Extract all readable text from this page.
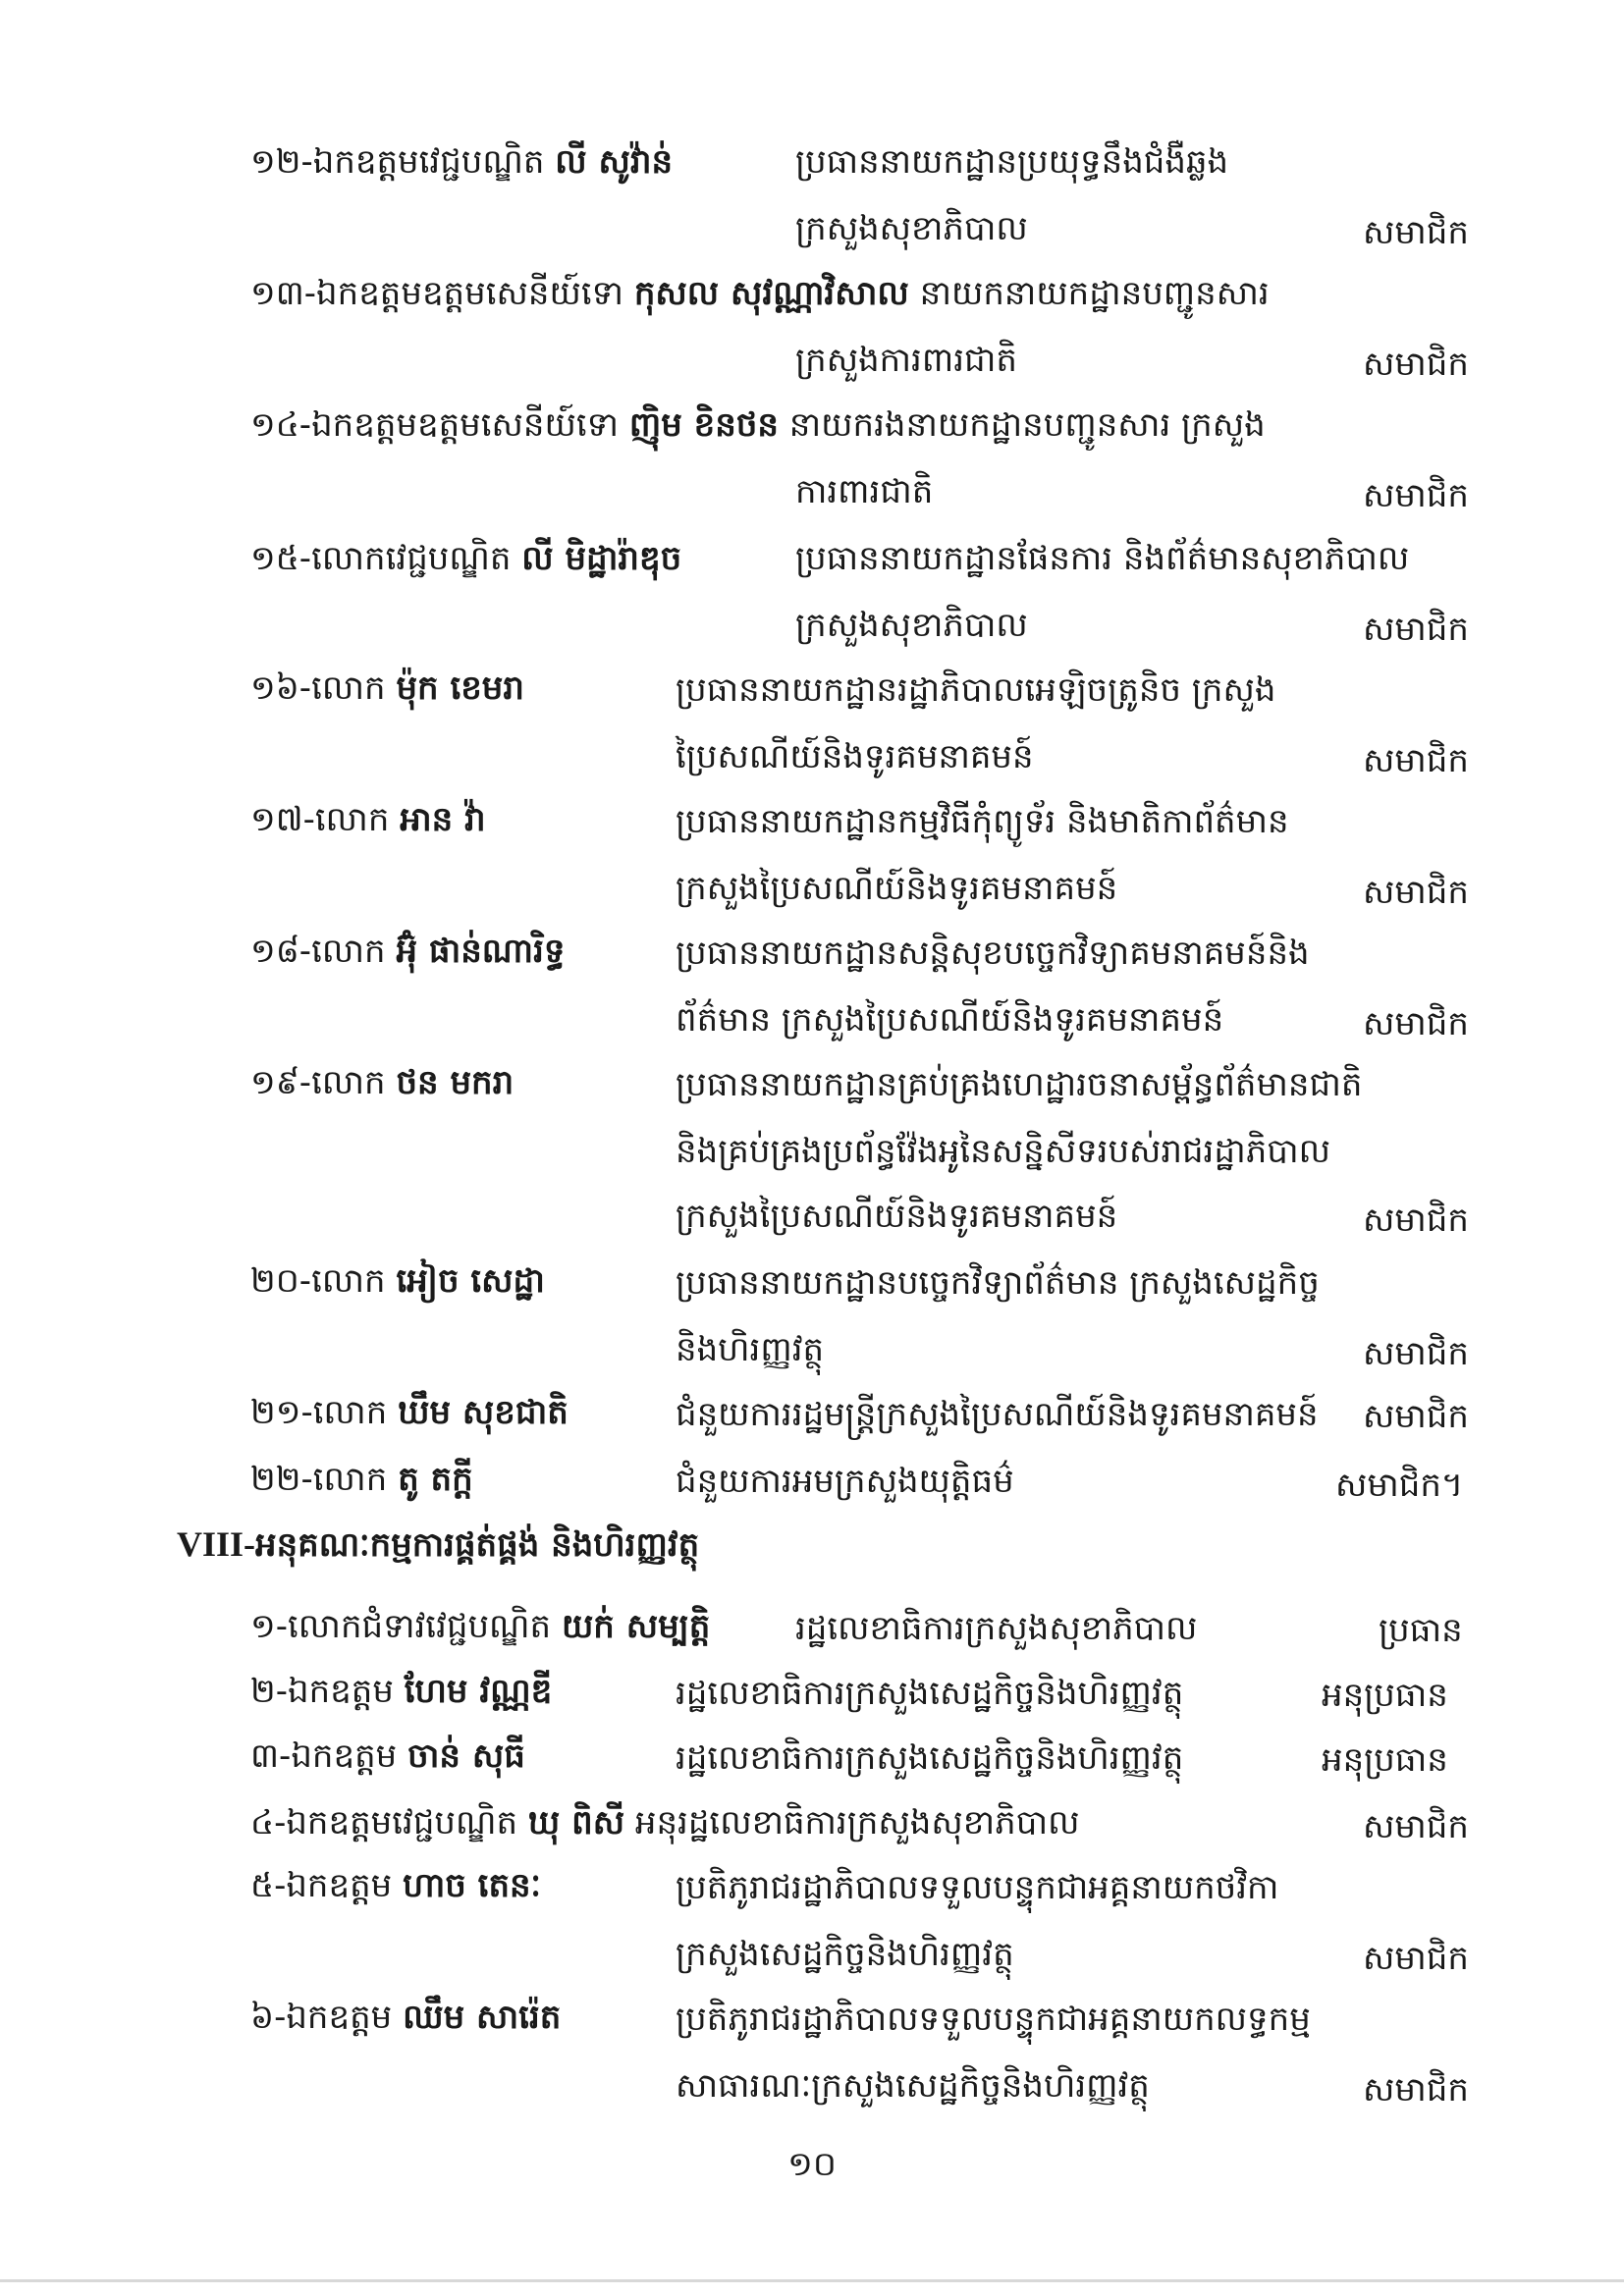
១២-ឯកឧត្តមវេជ្ជបណ្ឌិត លី សូវ៉ាន់	ប្រធាននាយកដ្ឋានប្រយុទ្ធនឹងជំងឺឆ្លង
ក្រសួងសុខាភិបាល	សមាជិក
១៣-ឯកឧត្តមឧត្តមសេនីយ៍ទោ កុសល សុវណ្ណាវិសាល នាយកនាយកដ្ឋានបញ្ជូនសារ
ក្រសួងការពារជាតិ	សមាជិក
១៤-ឯកឧត្តមឧត្តមសេនីយ៍ទោ ញ៉ិម ខិនថន នាយករងនាយកដ្ឋានបញ្ជូនសារ ក្រសួង
ការពារជាតិ	សមាជិក
១៥-លោកវេជ្ជបណ្ឌិត លី មិដ្ឋារ៉ាឌុច	ប្រធាននាយកដ្ឋានផែនការ និងព័ត៌មានសុខាភិបាល
ក្រសួងសុខាភិបាល	សមាជិក
១៦-លោក ម៉ុក ខេមរា	ប្រធាននាយកដ្ឋានរដ្ឋាភិបាលអេឡិចត្រូនិច ក្រសួង
ប្រៃសណីយ៍និងទូរគមនាគមន៍	សមាជិក
១៧-លោក អាន វ៉ា	ប្រធាននាយកដ្ឋានកម្មវិធីកុំព្យូទ័រ និងមាតិកាព័ត៌មាន
ក្រសួងប្រៃសណីយ៍និងទូរគមនាគមន៍	សមាជិក
១៨-លោក អ៊ុំ ផាន់ណារិទ្ធ	ប្រធាននាយកដ្ឋានសន្តិសុខបច្ចេកវិទ្យាគមនាគមន៍និង
ព័ត៌មាន ក្រសួងប្រៃសណីយ៍និងទូរគមនាគមន៍	សមាជិក
១៩-លោក ថន មករា	ប្រធាននាយកដ្ឋានគ្រប់គ្រងហេដ្ឋារចនាសម្ព័ន្ធព័ត៌មានជាតិ
និងគ្រប់គ្រងប្រព័ន្ធវ៉ែងអូនៃសន្និសីទរបស់រាជរដ្ឋាភិបាល
ក្រសួងប្រៃសណីយ៍និងទូរគមនាគមន៍	សមាជិក
២០-លោក អៀច សេដ្ឋា	ប្រធាននាយកដ្ឋានបច្ចេកវិទ្យាព័ត៌មាន ក្រសួងសេដ្ឋកិច្ច
និងហិរញ្ញវត្ថុ	សមាជិក
២១-លោក ឃឹម សុខជាតិ	ជំនួយការរដ្ឋមន្ត្រីក្រសួងប្រៃសណីយ៍និងទូរគមនាគមន៍ សមាជិក
២២-លោក តូ តក្តី	ជំនួយការអមក្រសួងយុត្តិធម៌	សមាជិក។
VIII-អនុគណៈកម្មការផ្គត់ផ្គង់ និងហិរញ្ញវត្ថុ
១-លោកជំទាវវេជ្ជបណ្ឌិត យក់ សម្បត្តិ	រដ្ឋលេខាធិការក្រសួងសុខាភិបាល	ប្រធាន
២-ឯកឧត្តម ហែម វណ្ណឌី	រដ្ឋលេខាធិការក្រសួងសេដ្ឋកិច្ចនិងហិរញ្ញវត្ថុ	អនុប្រធាន
៣-ឯកឧត្តម ចាន់ សុធី	រដ្ឋលេខាធិការក្រសួងសេដ្ឋកិច្ចនិងហិរញ្ញវត្ថុ	អនុប្រធាន
៤-ឯកឧត្តមវេជ្ជបណ្ឌិត ឃុ ពិសី អនុរដ្ឋលេខាធិការក្រសួងសុខាភិបាល	សមាជិក
៥-ឯកឧត្តម ហាច តេនៈ	ប្រតិភូរាជរដ្ឋាភិបាលទទួលបន្ទុកជាអគ្គនាយកថវិកា
ក្រសួងសេដ្ឋកិច្ចនិងហិរញ្ញវត្ថុ	សមាជិក
៦-ឯកឧត្តម ឈឹម សារ៉េត	ប្រតិភូរាជរដ្ឋាភិបាលទទួលបន្ទុកជាអគ្គនាយកលទ្ធកម្ម
សាធារណៈក្រសួងសេដ្ឋកិច្ចនិងហិរញ្ញវត្ថុ	សមាជិក
១០
